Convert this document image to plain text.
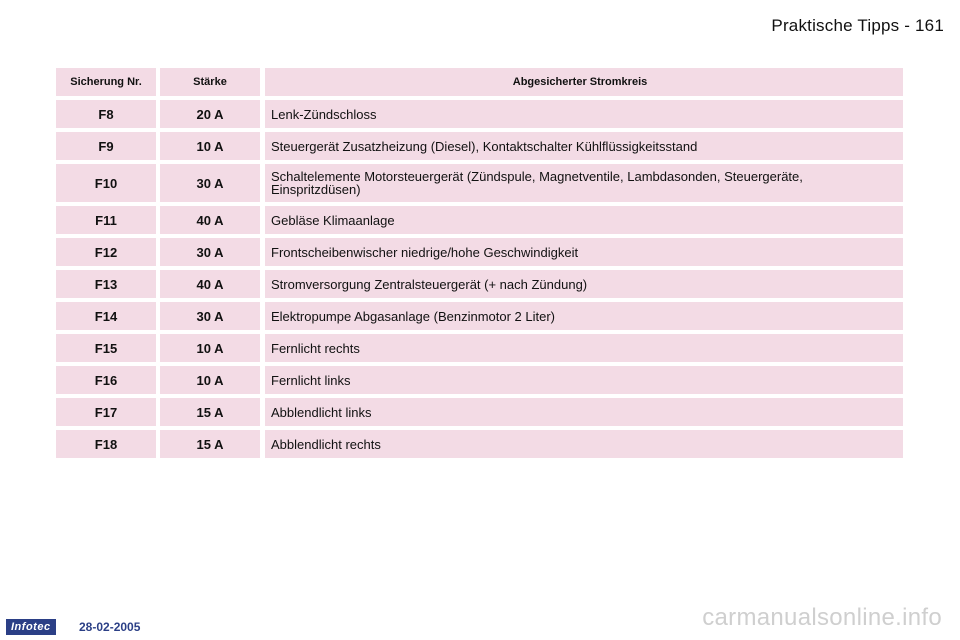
Praktische Tipps - 161
Sicherung Nr.	Stärke	Abgesicherter Stromkreis
F8	20 A	Lenk-Zündschloss
F9	10 A	Steuergerät Zusatzheizung (Diesel), Kontaktschalter Kühlflüssigkeitsstand
F10	30 A	Schaltelemente Motorsteuergerät (Zündspule, Magnetventile, Lambdasonden, Steuergeräte, Einspritzdüsen)
F11	40 A	Gebläse Klimaanlage
F12	30 A	Frontscheibenwischer niedrige/hohe Geschwindigkeit
F13	40 A	Stromversorgung Zentralsteuergerät (+ nach Zündung)
F14	30 A	Elektropumpe Abgasanlage (Benzinmotor 2 Liter)
F15	10 A	Fernlicht rechts
F16	10 A	Fernlicht links
F17	15 A	Abblendlicht links
F18	15 A	Abblendlicht rechts
Infotec	28-02-2005	carmanualsonline.info
